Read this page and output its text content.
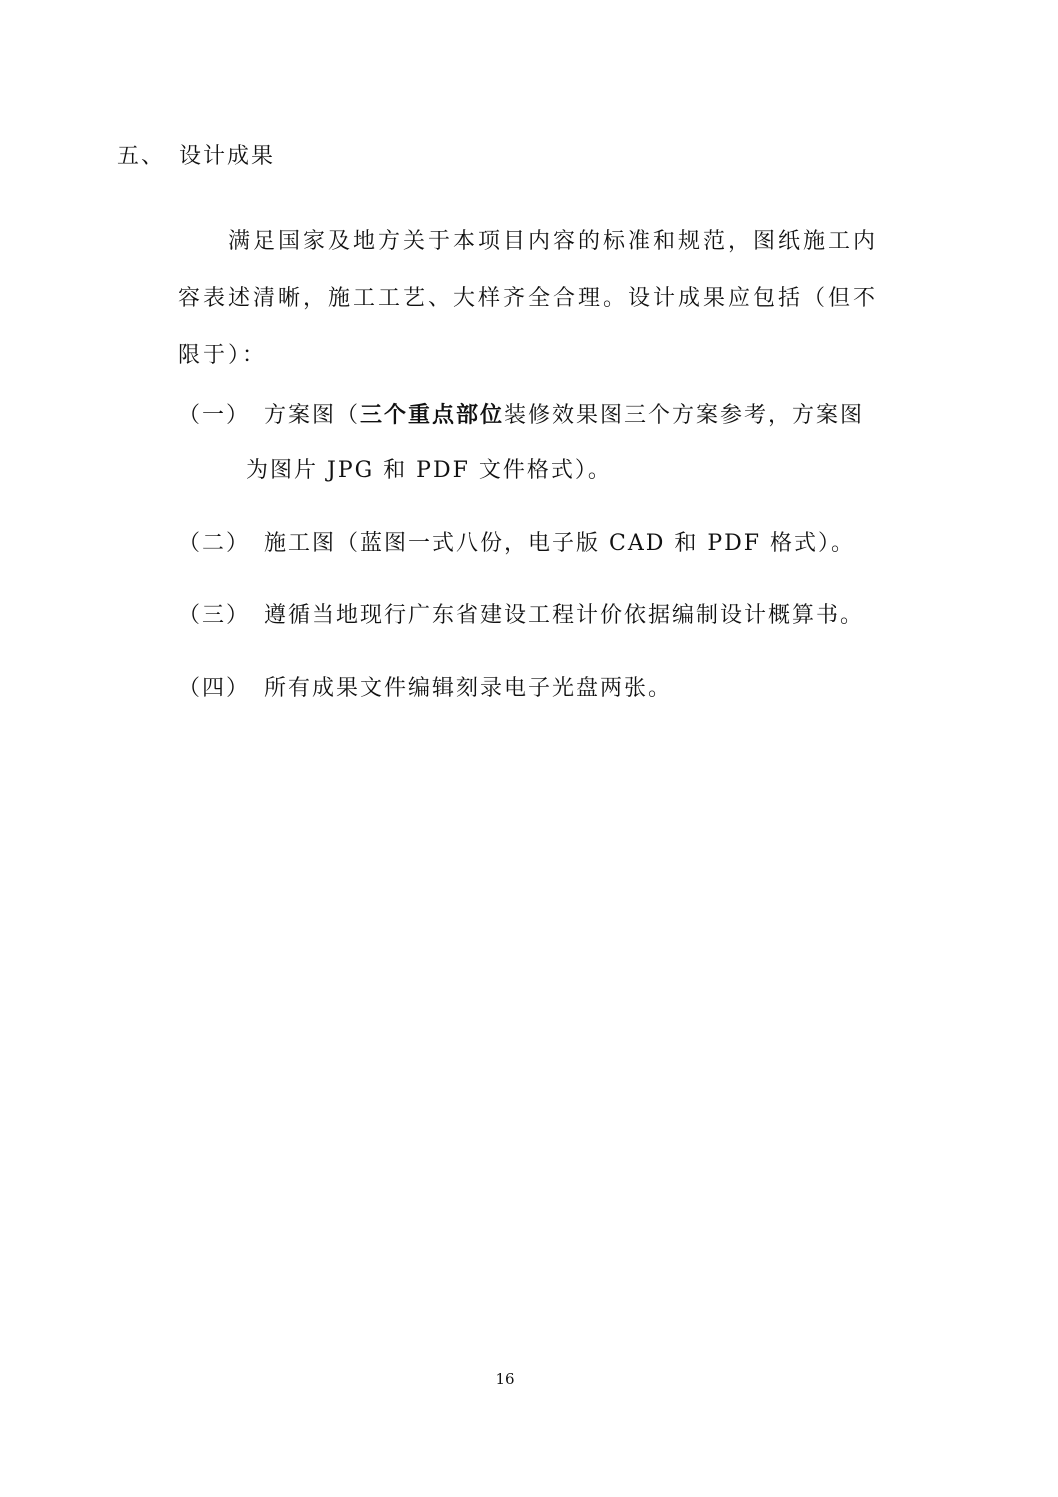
五、 设计成果
满足国家及地方关于本项目内容的标准和规范，图纸施工内
容表述清晰，施工工艺、大样齐全合理。设计成果应包括（但不
限于）：
（一） 方案图（三个重点部位装修效果图三个方案参考，方案图
为图片 JPG 和 PDF 文件格式）。
（二） 施工图（蓝图一式八份，电子版 CAD 和 PDF 格式）。
（三） 遵循当地现行广东省建设工程计价依据编制设计概算书。
（四） 所有成果文件编辑刻录电子光盘两张。
16
